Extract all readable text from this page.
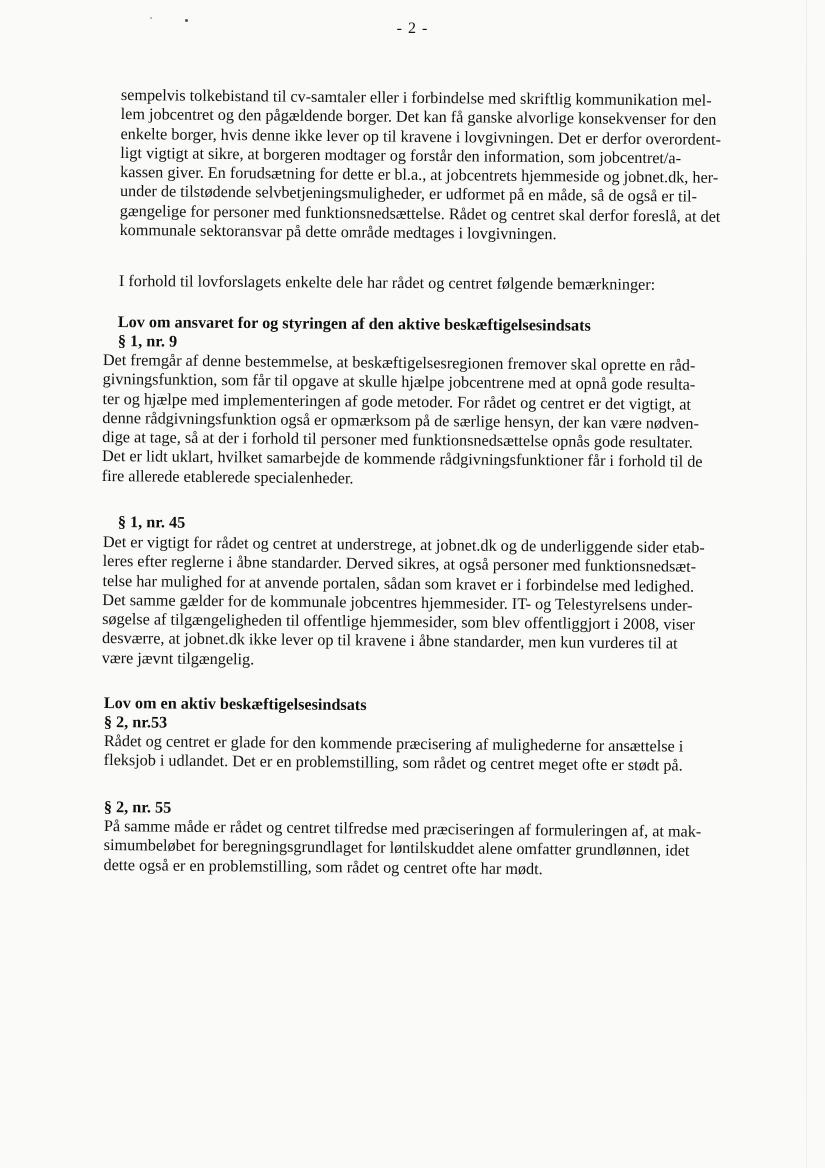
- 2 -

sempelvis tolkebistand til cv-samtaler eller i forbindelse med skriftlig kommunikation mel-
lem jobcentret og den pågældende borger. Det kan få ganske alvorlige konsekvenser for den
enkelte borger, hvis denne ikke lever op til kravene i lovgivningen. Det er derfor overordent-
ligt vigtigt at sikre, at borgeren modtager og forstår den information, som jobcentret/a-
kassen giver. En forudsætning for dette er bl.a., at jobcentrets hjemmeside og jobnet.dk, her-
under de tilstødende selvbetjeningsmuligheder, er udformet på en måde, så de også er til-
gængelige for personer med funktionsnedsættelse. Rådet og centret skal derfor foreslå, at det
kommunale sektoransvar på dette område medtages i lovgivningen.

I forhold til lovforslagets enkelte dele har rådet og centret følgende bemærkninger:

Lov om ansvaret for og styringen af den aktive beskæftigelsesindsats
§ 1, nr. 9

Det fremgår af denne bestemmelse, at beskæftigelsesregionen fremover skal oprette en råd-
givningsfunktion, som får til opgave at skulle hjælpe jobcentrene med at opnå gode resulta-
ter og hjælpe med implementeringen af gode metoder. For rådet og centret er det vigtigt, at
denne rådgivningsfunktion også er opmærksom på de særlige hensyn, der kan være nødven-
dige at tage, så at der i forhold til personer med funktionsnedsættelse opnås gode resultater.
Det er lidt uklart, hvilket samarbejde de kommende rådgivningsfunktioner får i forhold til de
fire allerede etablerede specialenheder.

§ 1, nr. 45

Det er vigtigt for rådet og centret at understrege, at jobnet.dk og de underliggende sider etab-
leres efter reglerne i åbne standarder. Derved sikres, at også personer med funktionsnedsæt-
telse har mulighed for at anvende portalen, sådan som kravet er i forbindelse med ledighed.
Det samme gælder for de kommunale jobcentres hjemmesider. IT- og Telestyrelsens under-
søgelse af tilgængeligheden til offentlige hjemmesider, som blev offentliggjort i 2008, viser
desværre, at jobnet.dk ikke lever op til kravene i åbne standarder, men kun vurderes til at
være jævnt tilgængelig.

Lov om en aktiv beskæftigelsesindsats
§ 2, nr.53

Rådet og centret er glade for den kommende præcisering af mulighederne for ansættelse i
fleksjob i udlandet. Det er en problemstilling, som rådet og centret meget ofte er stødt på.

§ 2, nr. 55

På samme måde er rådet og centret tilfredse med præciseringen af formuleringen af, at mak-
simumbeløbet for beregningsgrundlaget for løntilskuddet alene omfatter grundlønnen, idet
dette også er en problemstilling, som rådet og centret ofte har mødt.
